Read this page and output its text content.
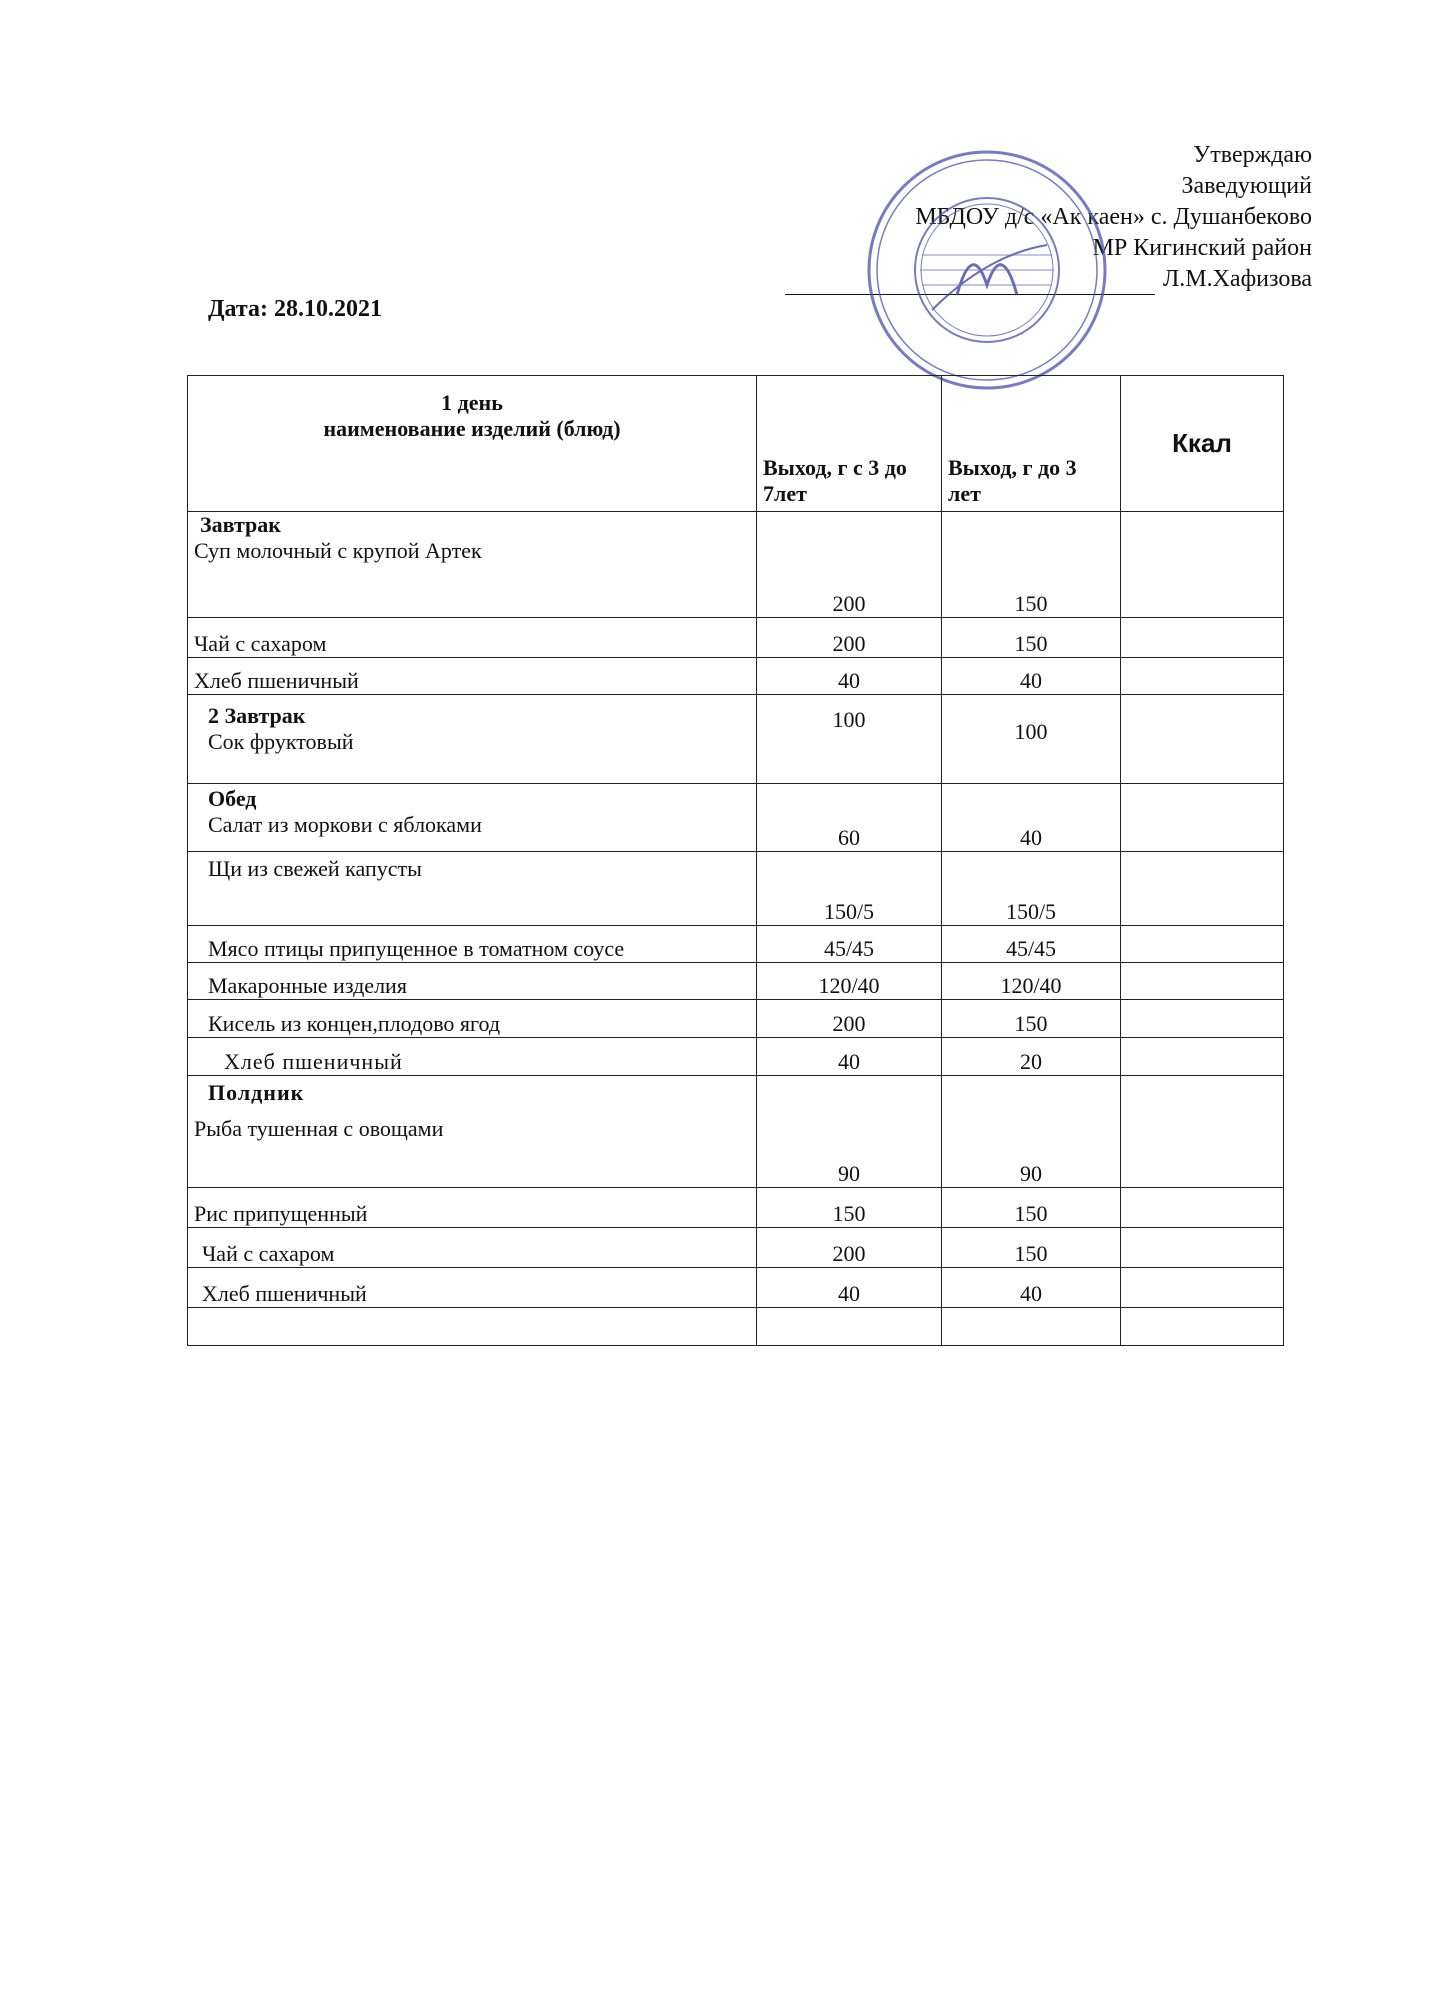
Утверждаю
Заведующий
МБДОУ д/с «Ак каен» с. Душанбеково
МР Кигинский район
Л.М.Хафизова
Дата: 28.10.2021
1 день
наименование изделий (блюд)	Выход, г с 3 до 7лет	Выход, г до 3 лет	Ккал

Завтрак
Суп молочный с крупой Артек	200	150	
Чай с сахаром	200	150	
Хлеб пшеничный	40	40	

2 Завтрак
Сок фруктовый	100	100	

Обед
Салат из моркови с яблоками	60	40	
Щи из свежей капусты	150/5	150/5	
Мясо птицы припущенное в томатном соусе	45/45	45/45	
Макаронные изделия	120/40	120/40	
Кисель из концен,плодово ягод	200	150	
Хлеб пшеничный	40	20	

Полдник
Рыба тушенная с овощами	90	90	
Рис припущенный	150	150	
Чай с сахаром	200	150	
Хлеб пшеничный	40	40	
